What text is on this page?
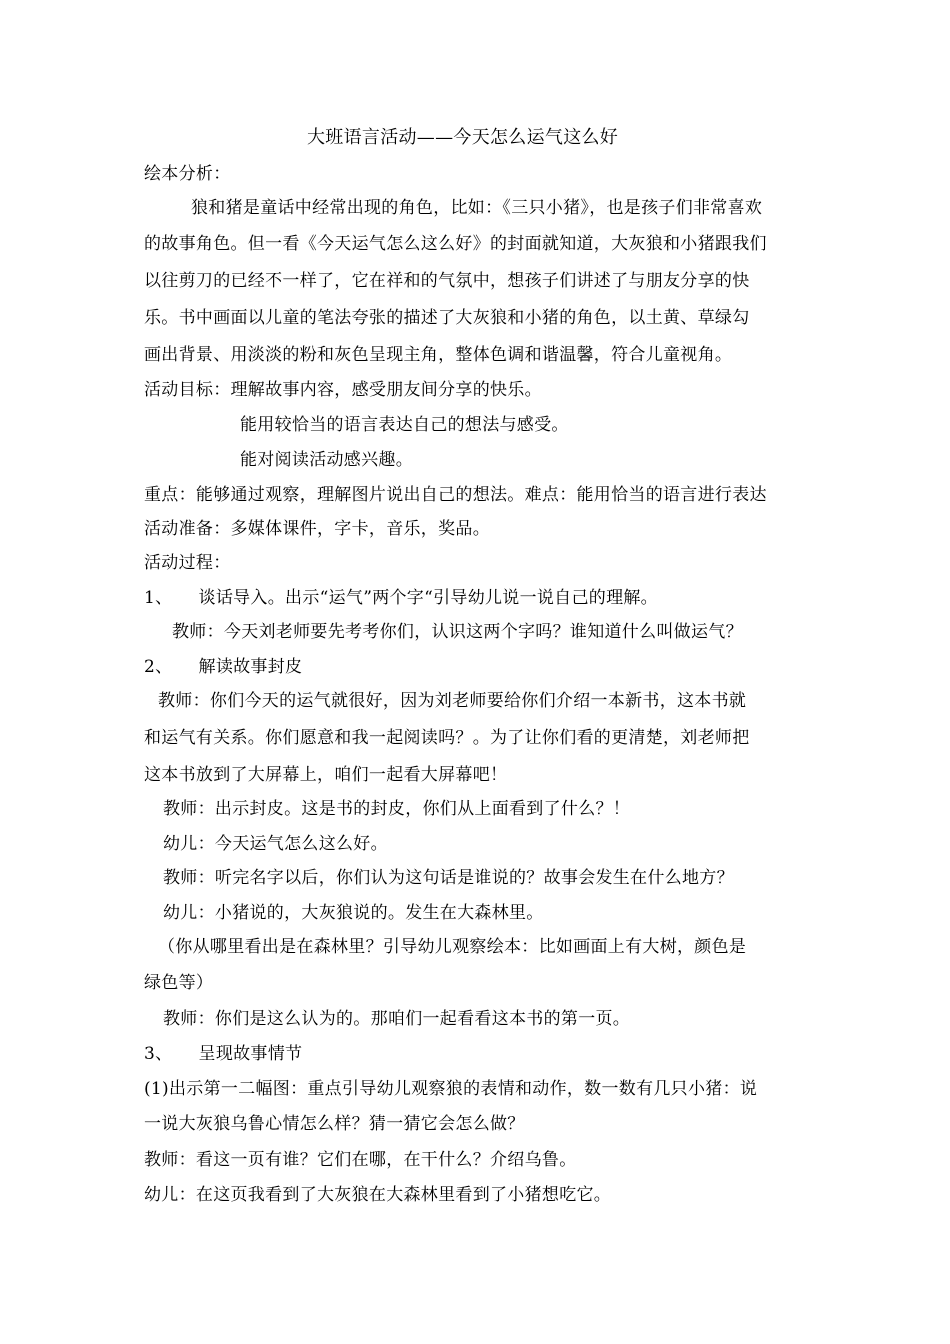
大班语言活动——今天怎么运气这么好
绘本分析：
狼和猪是童话中经常出现的角色，比如：《三只小猪》，也是孩子们非常喜欢
的故事角色。但一看《今天运气怎么这么好》的封面就知道，大灰狼和小猪跟我们
以往剪刀的已经不一样了，它在祥和的气氛中，想孩子们讲述了与朋友分享的快
乐。书中画面以儿童的笔法夸张的描述了大灰狼和小猪的角色，以土黄、草绿勾
画出背景、用淡淡的粉和灰色呈现主角，整体色调和谐温馨，符合儿童视角。
活动目标：理解故事内容，感受朋友间分享的快乐。
能用较恰当的语言表达自己的想法与感受。
能对阅读活动感兴趣。
重点：能够通过观察，理解图片说出自己的想法。难点：能用恰当的语言进行表达
活动准备：多媒体课件，字卡，音乐，奖品。
活动过程：
1、　　谈话导入。出示“运气”两个字“引导幼儿说一说自己的理解。
教师：今天刘老师要先考考你们，认识这两个字吗？谁知道什么叫做运气？
2、　　解读故事封皮
教师：你们今天的运气就很好，因为刘老师要给你们介绍一本新书，这本书就
和运气有关系。你们愿意和我一起阅读吗？。为了让你们看的更清楚，刘老师把
这本书放到了大屏幕上，咱们一起看大屏幕吧！
教师：出示封皮。这是书的封皮，你们从上面看到了什么？！
幼儿：今天运气怎么这么好。
教师：听完名字以后，你们认为这句话是谁说的？故事会发生在什么地方？
幼儿：小猪说的，大灰狼说的。发生在大森林里。
（你从哪里看出是在森林里？引导幼儿观察绘本：比如画面上有大树，颜色是
绿色等）
教师：你们是这么认为的。那咱们一起看看这本书的第一页。
3、　　呈现故事情节
(1)出示第一二幅图：重点引导幼儿观察狼的表情和动作，数一数有几只小猪：说
一说大灰狼乌鲁心情怎么样？猜一猜它会怎么做？
教师：看这一页有谁？它们在哪，在干什么？介绍乌鲁。
幼儿：在这页我看到了大灰狼在大森林里看到了小猪想吃它。
